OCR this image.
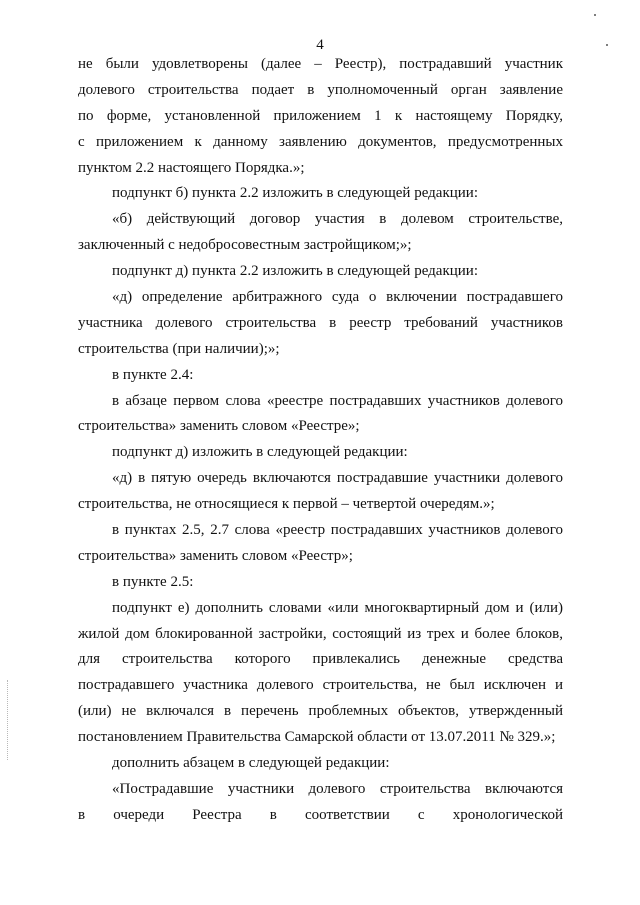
4
не были удовлетворены (далее – Реестр), пострадавший участник
долевого строительства подает в уполномоченный орган заявление
по форме, установленной приложением 1 к настоящему Порядку,
с приложением к данному заявлению документов, предусмотренных
пунктом 2.2 настоящего Порядка.»;
подпункт б) пункта 2.2 изложить в следующей редакции:
«б) действующий договор участия в долевом строительстве,
заключенный с недобросовестным застройщиком;»;
подпункт д) пункта 2.2 изложить в следующей редакции:
«д) определение арбитражного суда о включении пострадавшего
участника долевого строительства в реестр требований участников
строительства (при наличии);»;
в пункте 2.4:
в абзаце первом слова «реестре пострадавших участников долевого
строительства» заменить словом «Реестре»;
подпункт д) изложить в следующей редакции:
«д) в пятую очередь включаются пострадавшие участники долевого
строительства, не относящиеся к первой – четвертой очередям.»;
в пунктах 2.5, 2.7 слова «реестр пострадавших участников долевого
строительства» заменить словом «Реестр»;
в пункте 2.5:
подпункт е) дополнить словами «или многоквартирный дом и (или)
жилой дом блокированной застройки, состоящий из трех и более блоков,
для строительства которого привлекались денежные средства
пострадавшего участника долевого строительства, не был исключен и
(или) не включался в перечень проблемных объектов, утвержденный
постановлением Правительства Самарской области от 13.07.2011 № 329.»;
дополнить абзацем в следующей редакции:
«Пострадавшие участники долевого строительства включаются
в очереди Реестра в соответствии с хронологической
